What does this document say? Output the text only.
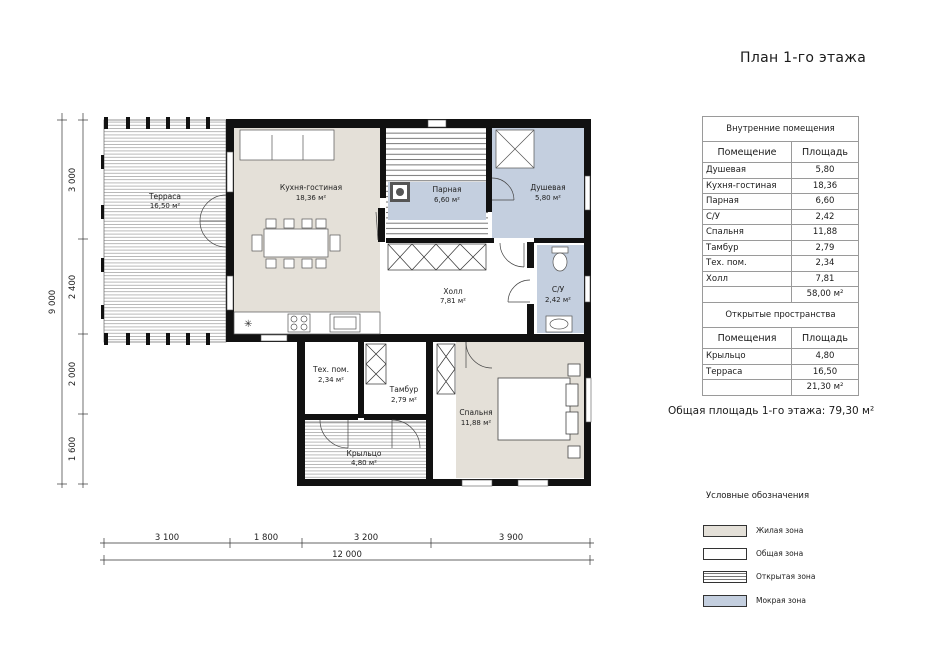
План 1-го этажа
✳
Терраса
16,50 м²
Кухня-гостиная
18,36 м²
Парная
6,60 м²
Душевая
5,80 м²
Холл
7,81 м²
С/У
2,42 м²
Тех. пом.
2,34 м²
Тамбур
2,79 м²
Спальня
11,88 м²
Крыльцо
4,80 м²
3 000
2 400
2 000
1 600
9 000
3 100	1 800	3 200	3 900
12 000
Внутренние помещения	
Помещение	Площадь
Душевая	5,80
Кухня-гостиная	18,36
Парная	6,60
С/У	2,42
Спальня	11,88
Тамбур	2,79
Тех. пом.	2,34
Холл	7,81
	58,00 м²
Открытые пространства	
Помещения	Площадь
Крыльцо	4,80
Терраса	16,50
	21,30 м²
Общая площадь 1-го этажа: 79,30 м²
Условные обозначения
Жилая зона
Общая зона
Открытая зона
Мокрая зона
